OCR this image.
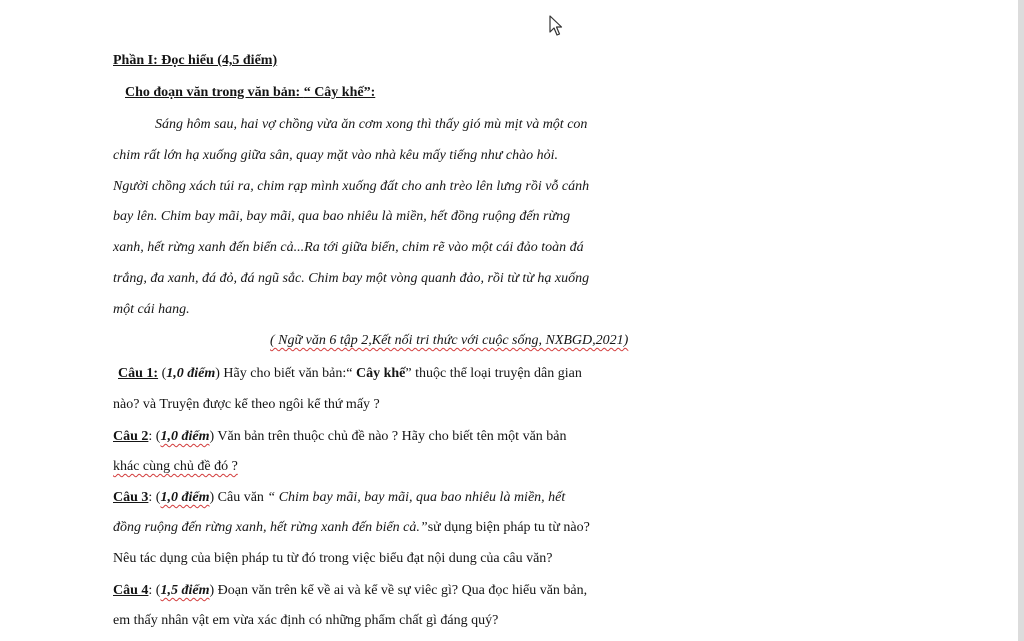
Phần I: Đọc hiểu (4,5 điểm)
Cho đoạn văn trong văn bản: “ Cây khế”:
Sáng hôm sau, hai vợ chồng vừa ăn cơm xong thì thấy gió mù mịt và một con
chim rất lớn hạ xuống giữa sân, quay mặt vào nhà kêu mấy tiếng như chào hỏi.
Người chồng xách túi ra, chim rạp mình xuống đất cho anh trèo lên lưng rồi vỗ cánh
bay lên. Chim bay mãi, bay mãi, qua bao nhiêu là miền, hết đồng ruộng đến rừng
xanh, hết rừng xanh đến biển cả...Ra tới giữa biển, chim rẽ vào một cái đảo toàn đá
trắng, đa xanh, đá đỏ, đá ngũ sắc. Chim bay một vòng quanh đảo, rồi từ từ hạ xuống
một cái hang.
( Ngữ văn 6 tập 2,Kết nối tri thức với cuộc sống, NXBGD,2021)
Câu 1: (1,0 điểm) Hãy cho biết văn bản:“ Cây khế” thuộc thể loại truyện dân gian
nào? và Truyện được kể theo ngôi kể thứ mấy ?
Câu 2: (1,0 điểm) Văn bản trên thuộc chủ đề nào ? Hãy cho biết tên một văn bản
khác cùng chủ đề đó ?
Câu 3: (1,0 điểm) Câu văn “ Chim bay mãi, bay mãi, qua bao nhiêu là miền, hết
đồng ruộng đến rừng xanh, hết rừng xanh đến biển cả.”sử dụng biện pháp tu từ nào?
Nêu tác dụng của biện pháp tu từ đó trong việc biểu đạt nội dung của câu văn?
Câu 4: (1,5 điểm) Đoạn văn trên kể về ai và kể về sự viêc gì? Qua đọc hiểu văn bản,
em thấy nhân vật em vừa xác định có những phẩm chất gì đáng quý?
